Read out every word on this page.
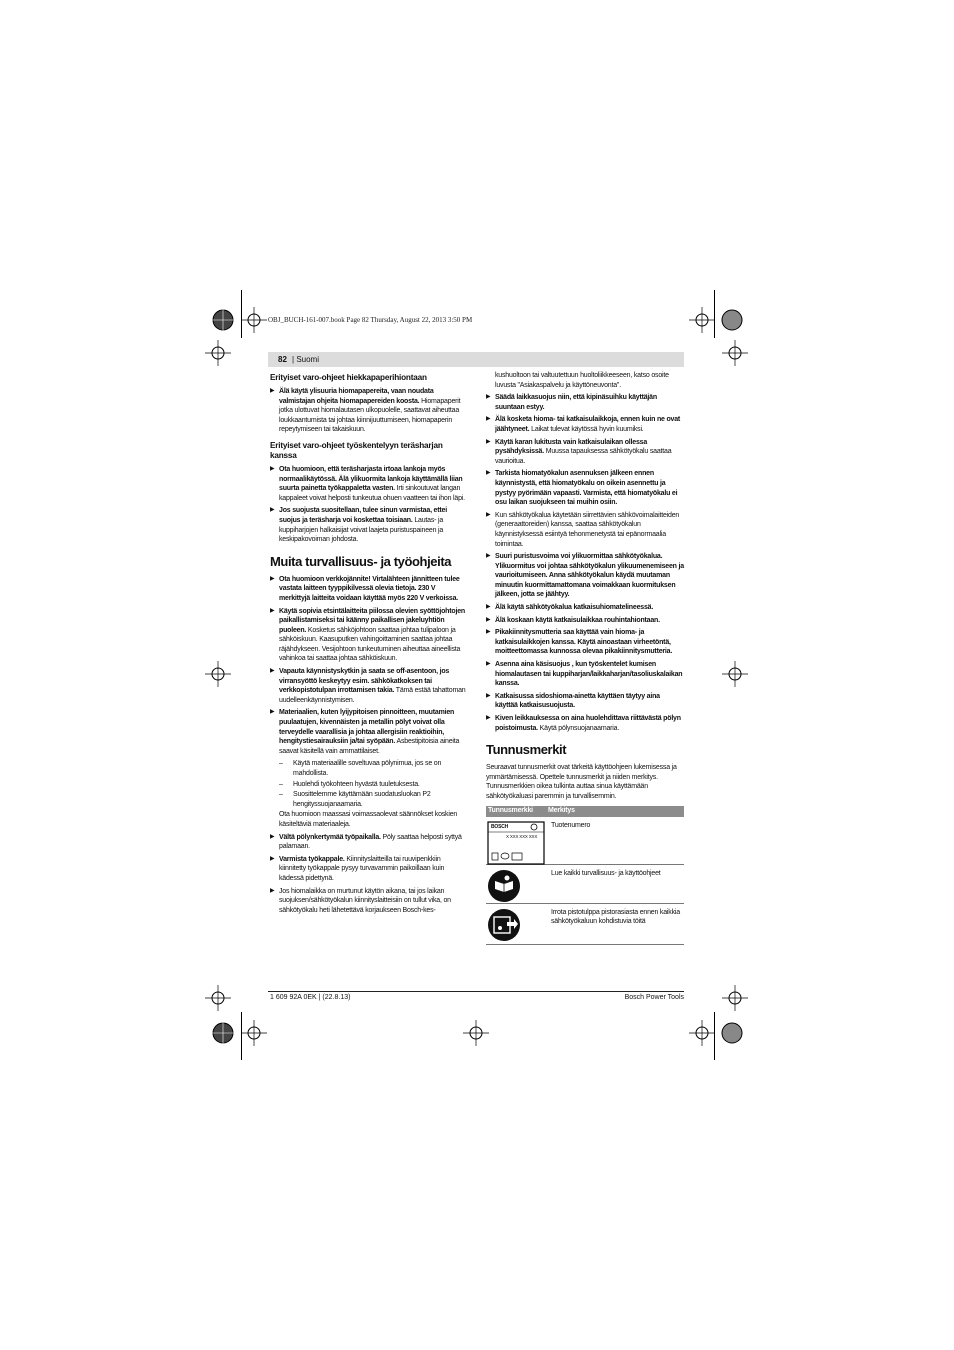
OBJ_BUCH-161-007.book Page 82 Thursday, August 22, 2013 3:50 PM
82 | Suomi
Erityiset varo-ohjeet hiekkapaperihiontaan
▶ Älä käytä ylisuuria hiomapapereita, vaan noudata valmistajan ohjeita hiomapapereiden koosta. Hiomapaperit jotka ulottuvat hiomalautasen ulkopuolelle, saattavat aiheuttaa loukkaantumista tai johtaa kiinnijuuttumiseen, hiomapaperin repeytymiseen tai takaiskuun.
Erityiset varo-ohjeet työskentelyyn teräsharjan kanssa
▶ Ota huomioon, että teräsharjasta irtoaa lankoja myös normaalikäytössä. Älä ylikuormita lankoja käyttämällä liian suurta painetta työkappaletta vasten. Irti sinkoutuvat langan kappaleet voivat helposti tunkeutua ohuen vaatteen tai ihon läpi.
▶ Jos suojusta suositellaan, tulee sinun varmistaa, ettei suojus ja teräsharja voi koskettaa toisiaan. Lautas- ja kuppiharjojen halkaisijat voivat laajeta puristuspaineen ja keskipakovoiman johdosta.
Muita turvallisuus- ja työohjeita
▶ Ota huomioon verkkojännite! Virtalähteen jännitteen tulee vastata laitteen tyyppikilvessä olevia tietoja. 230 V merkittyjä laitteita voidaan käyttää myös 220 V verkoissa.
▶ Käytä sopivia etsintälaitteita piilossa olevien syöttöjohtojen paikallistamiseksi tai käänny paikallisen jakeluyhtiön puoleen. Kosketus sähköjohtoon saattaa johtaa tulipaloon ja sähköiskuun. Kaasuputken vahingoittaminen saattaa johtaa räjähdykseen. Vesijohtoon tunkeutuminen aiheuttaa aineellista vahinkoa tai saattaa johtaa sähköiskuun.
▶ Vapauta käynnistyskytkin ja saata se off-asentoon, jos virransyöttö keskeytyy esim. sähkökatkoksen tai verkkopistotulpan irrottamisen takia. Tämä estää tahattoman uudelleenkäynnistymisen.
▶ Materiaalien, kuten lyijypitoisen pinnoitteen, muutamien puulaatujen, kivennäisten ja metallin pölyt voivat olla terveydelle vaarallisia ja johtaa allergisiin reaktioihin, hengitystiesairauksiin ja/tai syöpään. Asbestipitoisia aineita saavat käsitellä vain ammattilaiset.
– Käytä materiaalille soveltuvaa pölynimua, jos se on mahdollista.
– Huolehdi työkohteen hyvästä tuuletuksesta.
– Suosittelemme käyttämään suodatusluokan P2 hengityssuojanaamaria.
Ota huomioon maassasi voimassaolevat säännökset koskien käsiteltäviä materiaaleja.
▶ Vältä pölynkertymää työpaikalla. Pöly saattaa helposti syttyä palamaan.
▶ Varmista työkappale. Kiinnityslaitteilla tai ruuvipenkkiin kiinnitetty työkappale pysyy turvavammin paikoillaan kuin kädessä pidettynä.
▶ Jos hiomalaikka on murtunut käytön aikana, tai jos laikan suojuksen/sähkötyökalun kiinnityslaitteisiin on tullut vika, on sähkötyökalu heti lähetettävä korjaukseen Bosch-kes-
kushuoltoon tai valtuutettuun huoltoliikkeeseen, katso osoite luvusta "Asiakaspalvelu ja käyttöneuvonta".
▶ Säädä laikkasuojus niin, että kipinäsuihku käyttäjän suuntaan estyy.
▶ Älä kosketa hioma- tai katkaisulaikkoja, ennen kuin ne ovat jäähtyneet. Laikat tulevat käytössä hyvin kuumiksi.
▶ Käytä karan lukitusta vain katkaisulaikan ollessa pysähdyksissä. Muussa tapauksessa sähkötyökalu saattaa vaurioitua.
▶ Tarkista hiomatyökalun asennuksen jälkeen ennen käynnistystä, että hiomatyökalu on oikein asennettu ja pystyy pyörimään vapaasti. Varmista, että hiomatyökalu ei osu laikan suojukseen tai muihin osiin.
▶ Kun sähkötyökalua käytetään siirrettävien sähkövoimalaitteiden (generaattoreiden) kanssa, saattaa sähkötyökalun käynnistyksessä esiintyä tehonmenetystä tai epänormaalia toimintaa.
▶ Suuri puristusvoima voi ylikuormittaa sähkötyökalua. Ylikuormitus voi johtaa sähkötyökalun ylikuumenemiseen ja vaurioitumiseen. Anna sähkötyökalun käydä muutaman minuutin kuormittamattomana voimakkaan kuormituksen jälkeen, jotta se jäähtyy.
▶ Älä käytä sähkötyökalua katkaisuhiomatelineessä.
▶ Älä koskaan käytä katkaisulaikkaa rouhintahiontaan.
▶ Pikakiinnitysmutteria saa käyttää vain hioma- ja katkaisulaikkojen kanssa. Käytä ainoastaan virheetöntä, moitteettomassa kunnossa olevaa pikakiinnitysmutteria.
▶ Asenna aina käsisuojus , kun työskentelet kumisen hiomalautasen tai kuppiharjan/laikkaharjan/tasoliuskalaikan kanssa.
▶ Katkaisussa sidoshioma-ainetta käyttäen täytyy aina käyttää katkaisusuojusta.
▶ Kiven leikkauksessa on aina huolehdittava riittävästä pölyn poistoimusta. Käytä pölynsuojanaamaria.
Tunnusmerkit
Seuraavat tunnusmerkit ovat tärkeitä käyttöohjeen lukemisessa ja ymmärtämisessä. Opettele tunnusmerkit ja niiden merkitys. Tunnusmerkkien oikea tulkinta auttaa sinua käyttämään sähkötyökaluasi paremmin ja turvallisemmin.
Tunnusmerkki Merkitys
BOSCH
X XXX XXX XXX
Tuotenumero
Lue kaikki turvallisuus- ja käyttöohjeet
Irrota pistotulppa pistorasiasta ennen kaikkia sähkötyökaluun kohdistuvia töitä
1 609 92A 0EK | (22.8.13)	Bosch Power Tools
